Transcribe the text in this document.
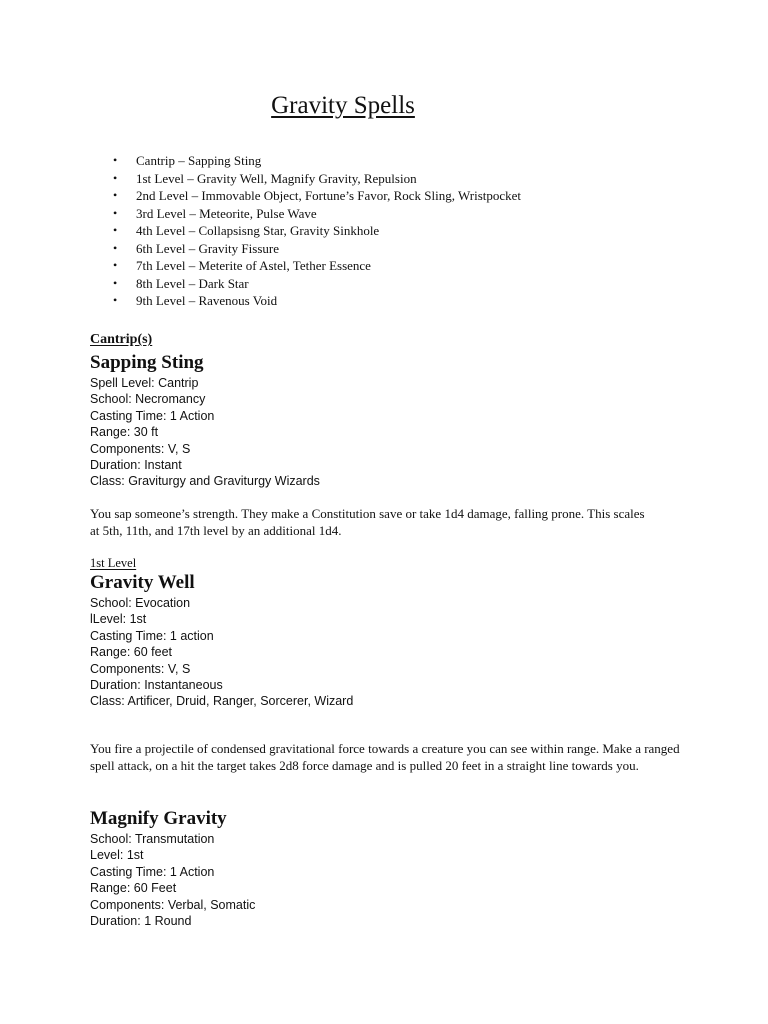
Gravity Spells
• Cantrip – Sapping Sting
• 1st Level – Gravity Well, Magnify Gravity, Repulsion
• 2nd Level – Immovable Object, Fortune’s Favor, Rock Sling, Wristpocket
• 3rd Level – Meteorite, Pulse Wave
• 4th Level – Collapsisng Star, Gravity Sinkhole
• 6th Level – Gravity Fissure
• 7th Level – Meterite of Astel, Tether Essence
• 8th Level – Dark Star
• 9th Level – Ravenous Void
Cantrip(s)
Sapping Sting
Spell Level: Cantrip
School: Necromancy
Casting Time: 1 Action
Range: 30 ft
Components: V, S
Duration: Instant
Class: Graviturgy and Graviturgy Wizards

You sap someone’s strength. They make a Constitution save or take 1d4 damage, falling prone. This scales at 5th, 11th, and 17th level by an additional 1d4.

1st Level
Gravity Well
School: Evocation
lLevel: 1st
Casting Time: 1 action
Range: 60 feet
Components: V, S
Duration: Instantaneous
Class: Artificer, Druid, Ranger, Sorcerer, Wizard

You fire a projectile of condensed gravitational force towards a creature you can see within range. Make a ranged spell attack, on a hit the target takes 2d8 force damage and is pulled 20 feet in a straight line towards you.

Magnify Gravity
School: Transmutation
Level: 1st
Casting Time: 1 Action
Range: 60 Feet
Components: Verbal, Somatic
Duration: 1 Round
